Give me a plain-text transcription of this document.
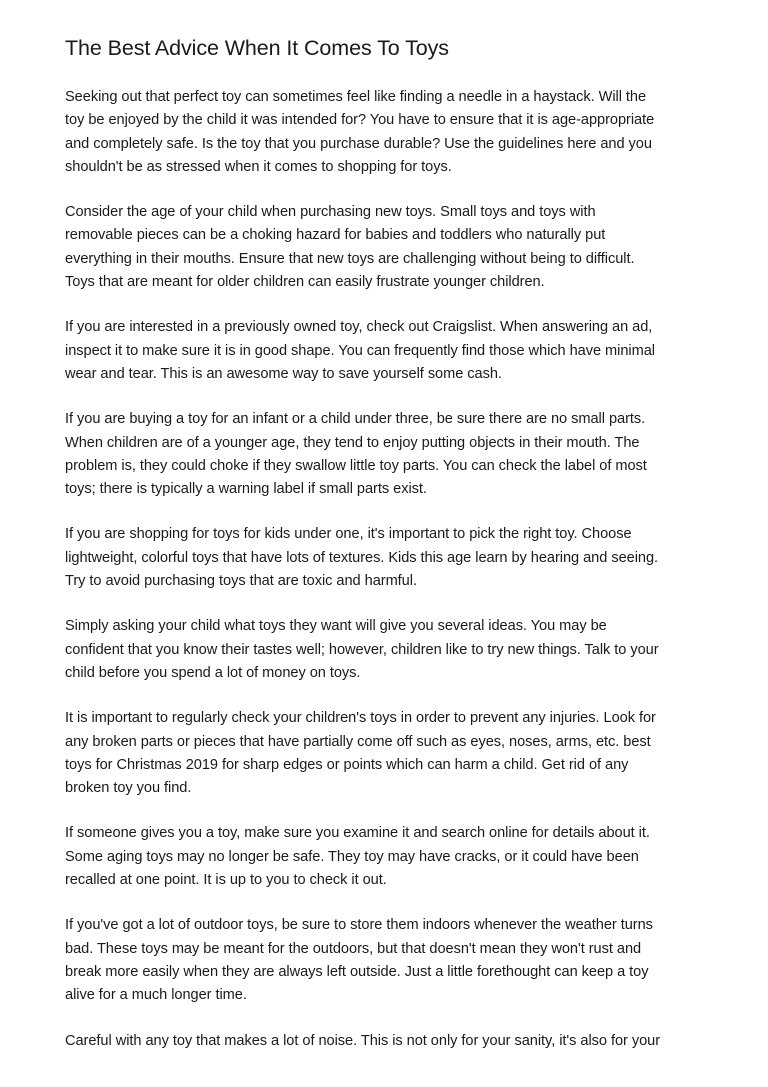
The Best Advice When It Comes To Toys

Seeking out that perfect toy can sometimes feel like finding a needle in a haystack. Will the
toy be enjoyed by the child it was intended for? You have to ensure that it is age-appropriate
and completely safe. Is the toy that you purchase durable? Use the guidelines here and you
shouldn't be as stressed when it comes to shopping for toys.

Consider the age of your child when purchasing new toys. Small toys and toys with
removable pieces can be a choking hazard for babies and toddlers who naturally put
everything in their mouths. Ensure that new toys are challenging without being to difficult.
Toys that are meant for older children can easily frustrate younger children.

If you are interested in a previously owned toy, check out Craigslist. When answering an ad,
inspect it to make sure it is in good shape. You can frequently find those which have minimal
wear and tear. This is an awesome way to save yourself some cash.

If you are buying a toy for an infant or a child under three, be sure there are no small parts.
When children are of a younger age, they tend to enjoy putting objects in their mouth. The
problem is, they could choke if they swallow little toy parts. You can check the label of most
toys; there is typically a warning label if small parts exist.

If you are shopping for toys for kids under one, it's important to pick the right toy. Choose
lightweight, colorful toys that have lots of textures. Kids this age learn by hearing and seeing.
Try to avoid purchasing toys that are toxic and harmful.

Simply asking your child what toys they want will give you several ideas. You may be
confident that you know their tastes well; however, children like to try new things. Talk to your
child before you spend a lot of money on toys.

It is important to regularly check your children's toys in order to prevent any injuries. Look for
any broken parts or pieces that have partially come off such as eyes, noses, arms, etc. best
toys for Christmas 2019 for sharp edges or points which can harm a child. Get rid of any
broken toy you find.

If someone gives you a toy, make sure you examine it and search online for details about it.
Some aging toys may no longer be safe. They toy may have cracks, or it could have been
recalled at one point. It is up to you to check it out.

If you've got a lot of outdoor toys, be sure to store them indoors whenever the weather turns
bad. These toys may be meant for the outdoors, but that doesn't mean they won't rust and
break more easily when they are always left outside. Just a little forethought can keep a toy
alive for a much longer time.

Careful with any toy that makes a lot of noise. This is not only for your sanity, it's also for your
